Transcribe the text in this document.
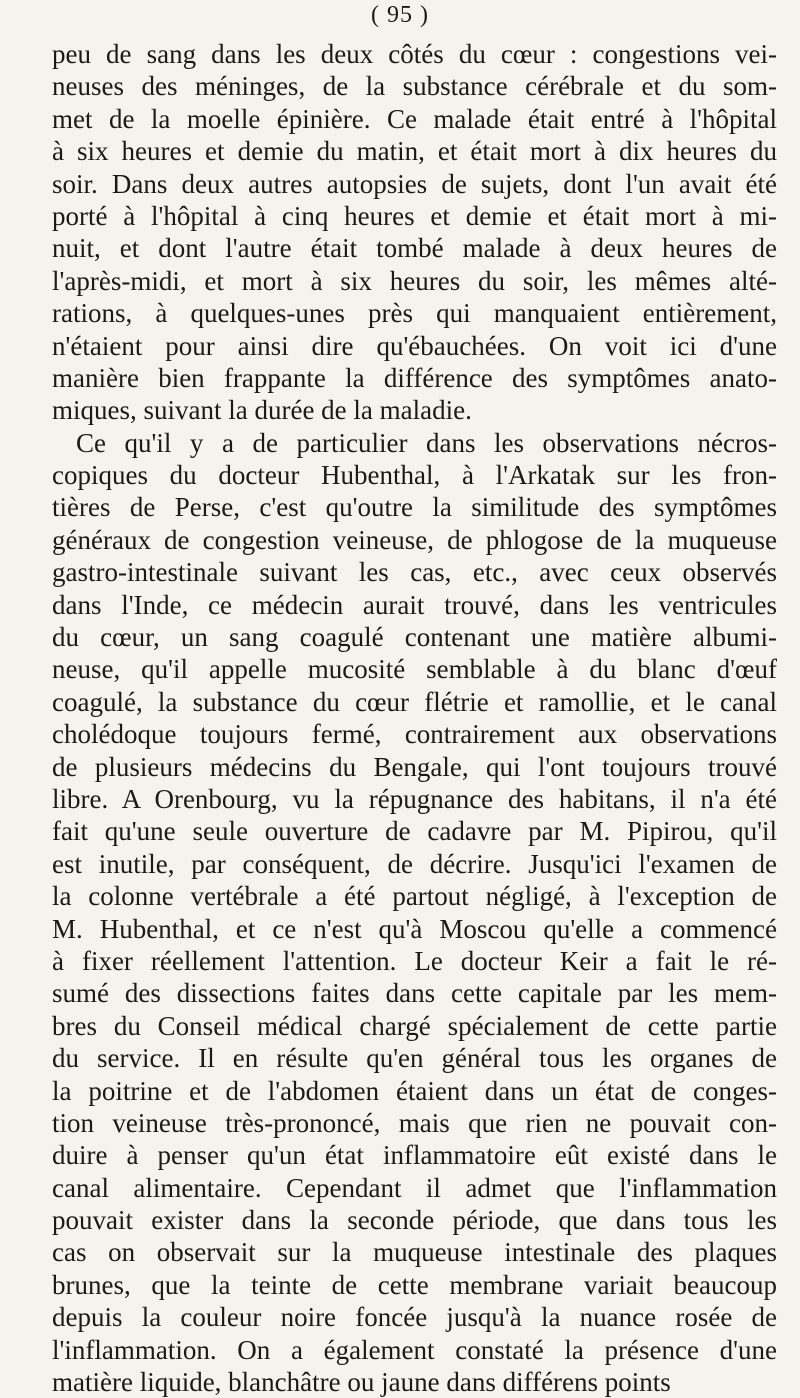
( 95 )
peu de sang dans les deux côtés du cœur : congestions vei-
neuses des méninges, de la substance cérébrale et du som-
met de la moelle épinière. Ce malade était entré à l'hôpital
à six heures et demie du matin, et était mort à dix heures du
soir. Dans deux autres autopsies de sujets, dont l'un avait été
porté à l'hôpital à cinq heures et demie et était mort à mi-
nuit, et dont l'autre était tombé malade à deux heures de
l'après-midi, et mort à six heures du soir, les mêmes alté-
rations, à quelques-unes près qui manquaient entièrement,
n'étaient pour ainsi dire qu'ébauchées. On voit ici d'une
manière bien frappante la différence des symptômes anato-
miques, suivant la durée de la maladie.
Ce qu'il y a de particulier dans les observations nécros-
copiques du docteur Hubenthal, à l'Arkatak sur les fron-
tières de Perse, c'est qu'outre la similitude des symptômes
généraux de congestion veineuse, de phlogose de la muqueuse
gastro-intestinale suivant les cas, etc., avec ceux observés
dans l'Inde, ce médecin aurait trouvé, dans les ventricules
du cœur, un sang coagulé contenant une matière albumi-
neuse, qu'il appelle mucosité semblable à du blanc d'œuf
coagulé, la substance du cœur flétrie et ramollie, et le canal
cholédoque toujours fermé, contrairement aux observations
de plusieurs médecins du Bengale, qui l'ont toujours trouvé
libre. A Orenbourg, vu la répugnance des habitans, il n'a été
fait qu'une seule ouverture de cadavre par M. Pipirou, qu'il
est inutile, par conséquent, de décrire. Jusqu'ici l'examen de
la colonne vertébrale a été partout négligé, à l'exception de
M. Hubenthal, et ce n'est qu'à Moscou qu'elle a commencé
à fixer réellement l'attention. Le docteur Keir a fait le ré-
sumé des dissections faites dans cette capitale par les mem-
bres du Conseil médical chargé spécialement de cette partie
du service. Il en résulte qu'en général tous les organes de
la poitrine et de l'abdomen étaient dans un état de conges-
tion veineuse très-prononcé, mais que rien ne pouvait con-
duire à penser qu'un état inflammatoire eût existé dans le
canal alimentaire. Cependant il admet que l'inflammation
pouvait exister dans la seconde période, que dans tous les
cas on observait sur la muqueuse intestinale des plaques
brunes, que la teinte de cette membrane variait beaucoup
depuis la couleur noire foncée jusqu'à la nuance rosée de
l'inflammation. On a également constaté la présence d'une
matière liquide, blanchâtre ou jaune dans différens points
